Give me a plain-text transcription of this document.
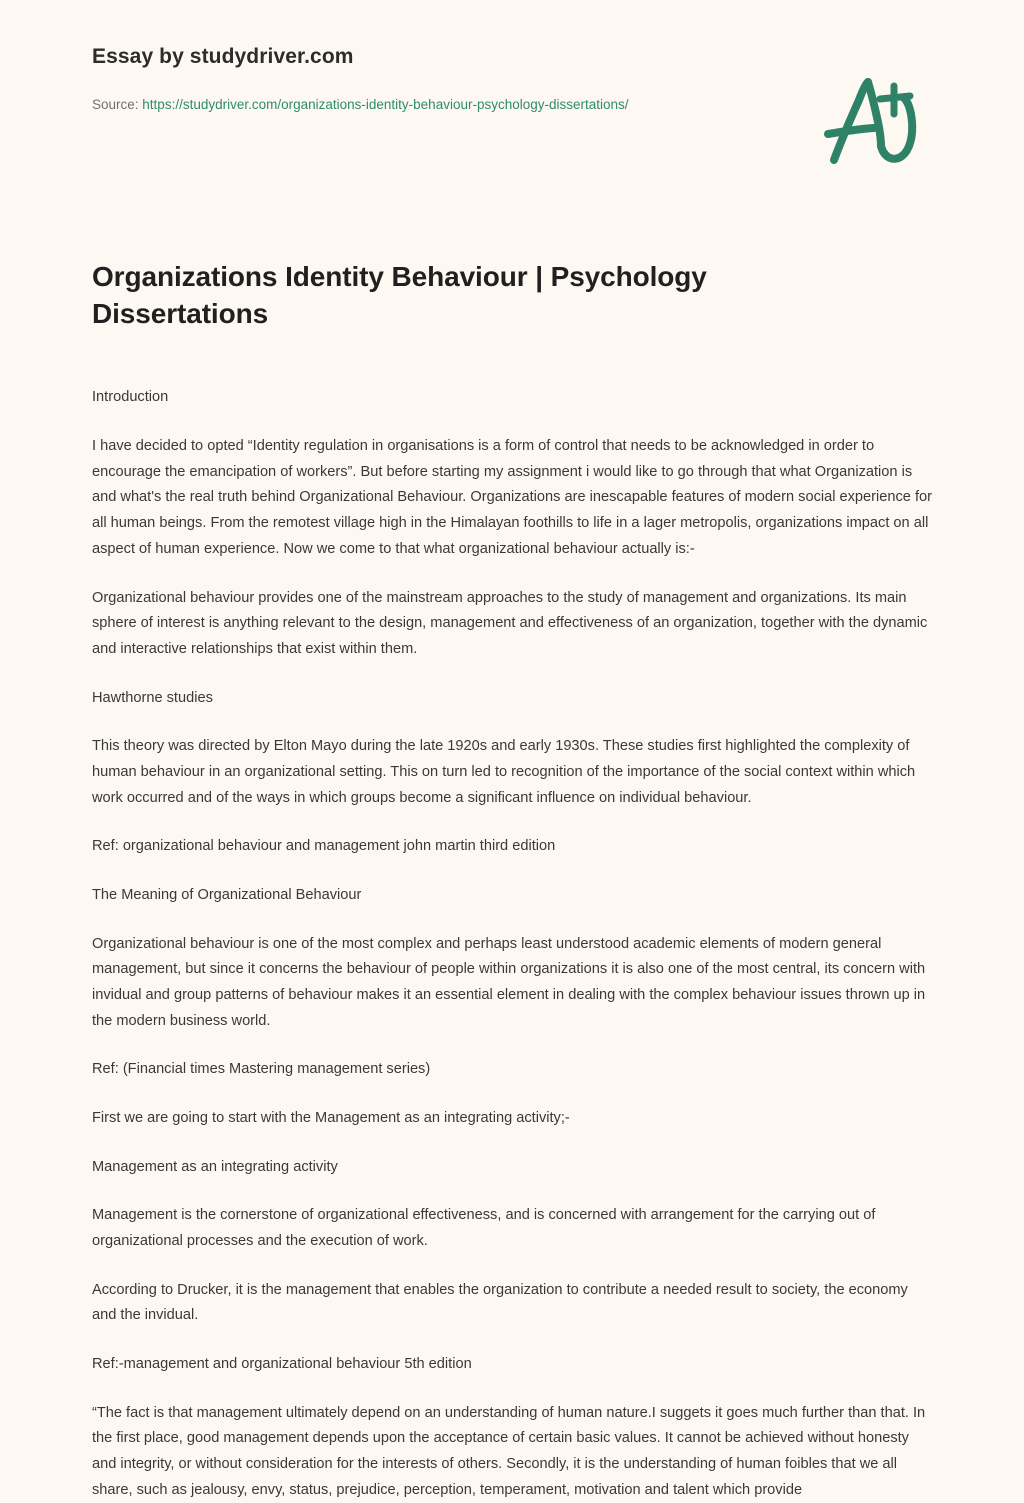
Essay by studydriver.com
Source: https://studydriver.com/organizations-identity-behaviour-psychology-dissertations/
Organizations Identity Behaviour | Psychology Dissertations

Introduction

I have decided to opted “Identity regulation in organisations is a form of control that needs to be acknowledged in order to encourage the emancipation of workers”. But before starting my assignment i would like to go through that what Organization is and what's the real truth behind Organizational Behaviour. Organizations are inescapable features of modern social experience for all human beings. From the remotest village high in the Himalayan foothills to life in a lager metropolis, organizations impact on all aspect of human experience. Now we come to that what organizational behaviour actually is:-

Organizational behaviour provides one of the mainstream approaches to the study of management and organizations. Its main sphere of interest is anything relevant to the design, management and effectiveness of an organization, together with the dynamic and interactive relationships that exist within them.

Hawthorne studies

This theory was directed by Elton Mayo during the late 1920s and early 1930s. These studies first highlighted the complexity of human behaviour in an organizational setting. This on turn led to recognition of the importance of the social context within which work occurred and of the ways in which groups become a significant influence on individual behaviour.

Ref: organizational behaviour and management john martin third edition

The Meaning of Organizational Behaviour

Organizational behaviour is one of the most complex and perhaps least understood academic elements of modern general management, but since it concerns the behaviour of people within organizations it is also one of the most central, its concern with invidual and group patterns of behaviour makes it an essential element in dealing with the complex behaviour issues thrown up in the modern business world.

Ref: (Financial times Mastering management series)

First we are going to start with the Management as an integrating activity;-

Management as an integrating activity

Management is the cornerstone of organizational effectiveness, and is concerned with arrangement for the carrying out of organizational processes and the execution of work.

According to Drucker, it is the management that enables the organization to contribute a needed result to society, the economy and the invidual.

Ref:-management and organizational behaviour 5th edition

“The fact is that management ultimately depend on an understanding of human nature.I suggets it goes much further than that. In the first place, good management depends upon the acceptance of certain basic values. It cannot be achieved without honesty and integrity, or without consideration for the interests of others. Secondly, it is the understanding of human foibles that we all share, such as jealousy, envy, status, prejudice, perception, temperament, motivation and talent which provide
